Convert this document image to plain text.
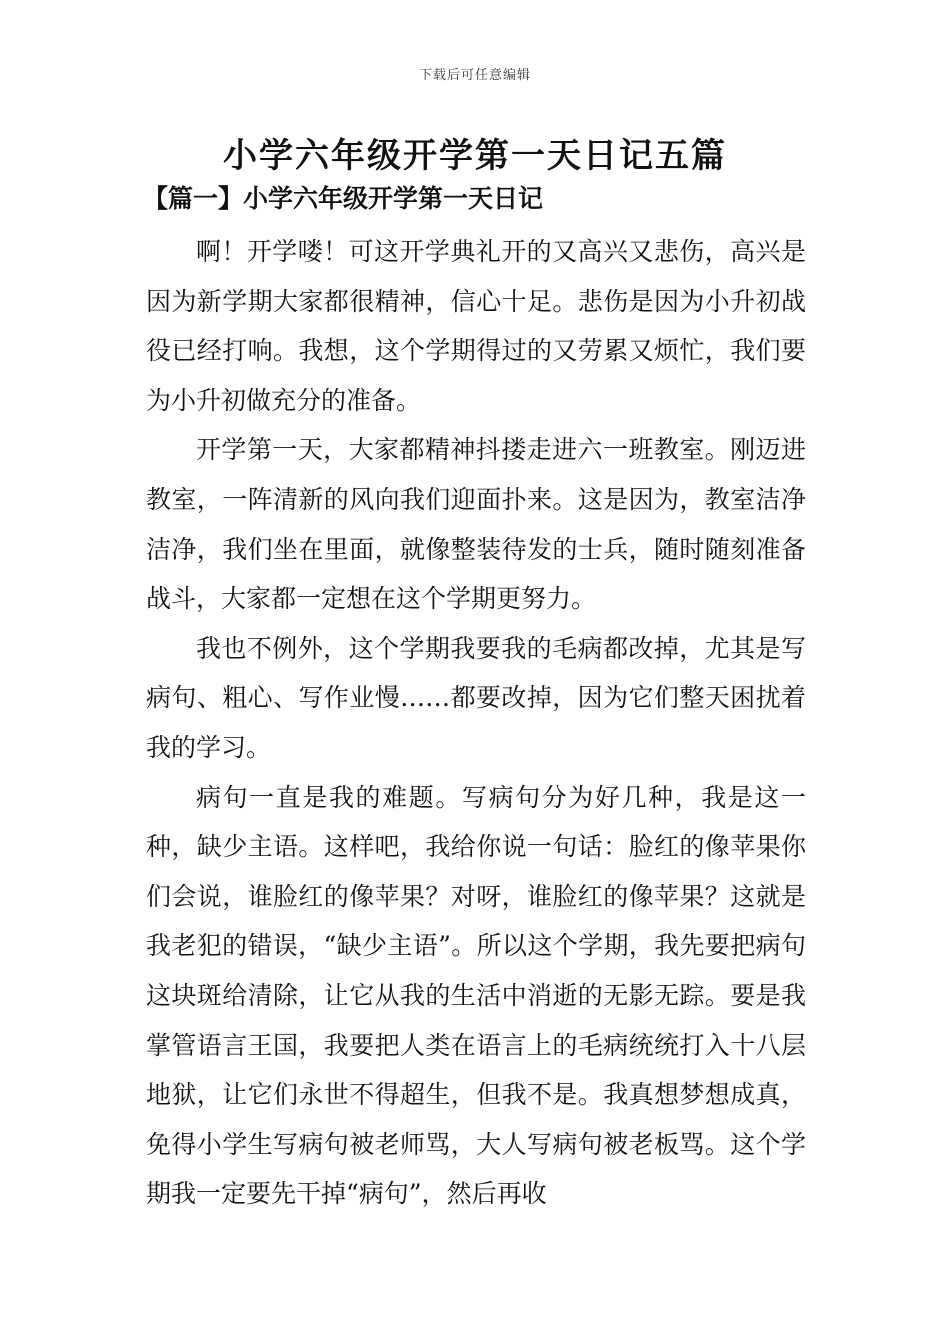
下载后可任意编辑
小学六年级开学第一天日记五篇
【篇一】小学六年级开学第一天日记

啊！开学喽！可这开学典礼开的又高兴又悲伤，高兴是因为新学期大家都很精神，信心十足。悲伤是因为小升初战役已经打响。我想，这个学期得过的又劳累又烦忙，我们要为小升初做充分的准备。

开学第一天，大家都精神抖搂走进六一班教室。刚迈进教室，一阵清新的风向我们迎面扑来。这是因为，教室洁净洁净，我们坐在里面，就像整装待发的士兵，随时随刻准备战斗，大家都一定想在这个学期更努力。

我也不例外，这个学期我要我的毛病都改掉，尤其是写病句、粗心、写作业慢……都要改掉，因为它们整天困扰着我的学习。

病句一直是我的难题。写病句分为好几种，我是这一种，缺少主语。这样吧，我给你说一句话：脸红的像苹果你们会说，谁脸红的像苹果？对呀，谁脸红的像苹果？这就是我老犯的错误，“缺少主语”。所以这个学期，我先要把病句这块斑给清除，让它从我的生活中消逝的无影无踪。要是我掌管语言王国，我要把人类在语言上的毛病统统打入十八层地狱，让它们永世不得超生，但我不是。我真想梦想成真，免得小学生写病句被老师骂，大人写病句被老板骂。这个学期我一定要先干掉“病句”，然后再收
